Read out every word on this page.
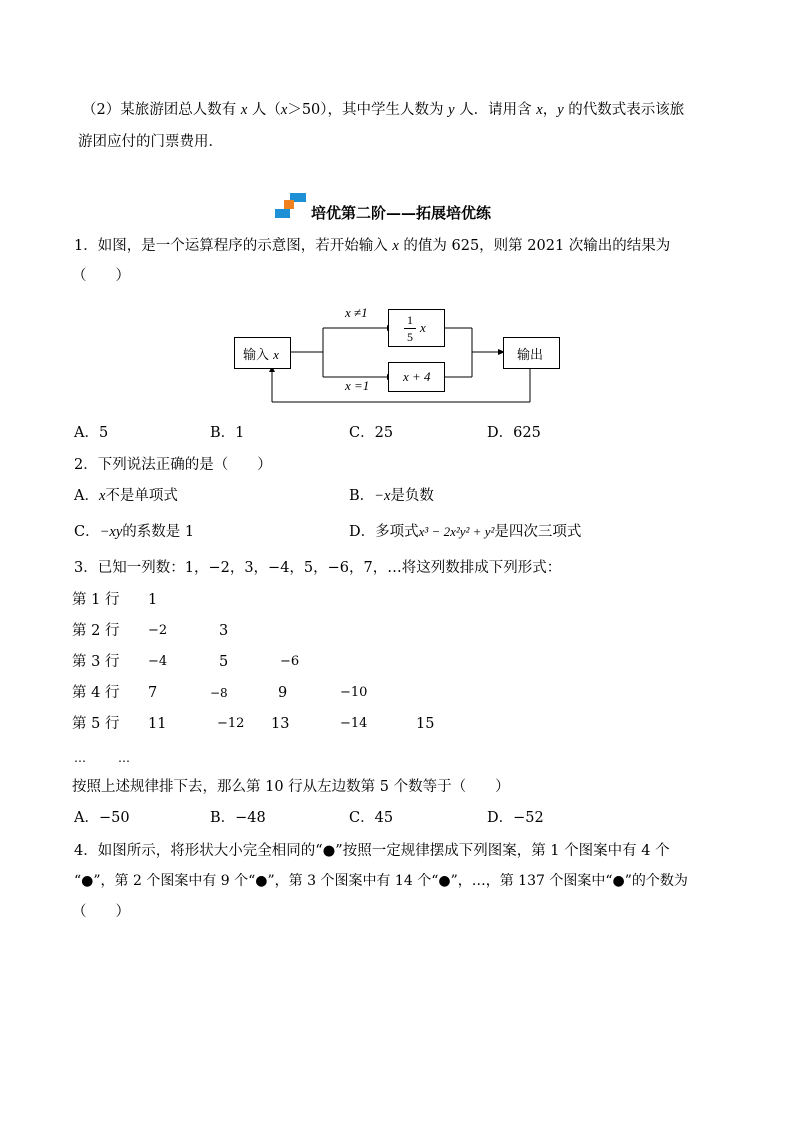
（2）某旅游团总人数有 x 人（x＞50），其中学生人数为 y 人．请用含 x，y 的代数式表示该旅
游团应付的门票费用．
培优第二阶——拓展培优练
1．如图，是一个运算程序的示意图，若开始输入 x 的值为 625，则第 2021 次输出的结果为
（　　）
输入 x
1
5
x
x + 4
输出
x ≠1
x =1
A．5	B．1	C．25	D．625
2．下列说法正确的是（　　）
A．x不是单项式	B．−x是负数
C．−xy的系数是 1	D．多项式x³ − 2x²y² + y²是四次三项式
3．已知一列数：1，−2，3，−4，5，−6，7，…将这列数排成下列形式：
第 1 行 1
第 2 行 −2	3
第 3 行 −4	5	−6
第 4 行 7	−8	9	−10
第 5 行 11	−12 13	−14	15
…	…
按照上述规律排下去，那么第 10 行从左边数第 5 个数等于（　　）
A．−50	B．−48	C．45	D．−52
4．如图所示，将形状大小完全相同的“●”按照一定规律摆成下列图案，第 1 个图案中有 4 个
“●”，第 2 个图案中有 9 个“●”，第 3 个图案中有 14 个“●”，…，第 137 个图案中“●”的个数为
（　　）
